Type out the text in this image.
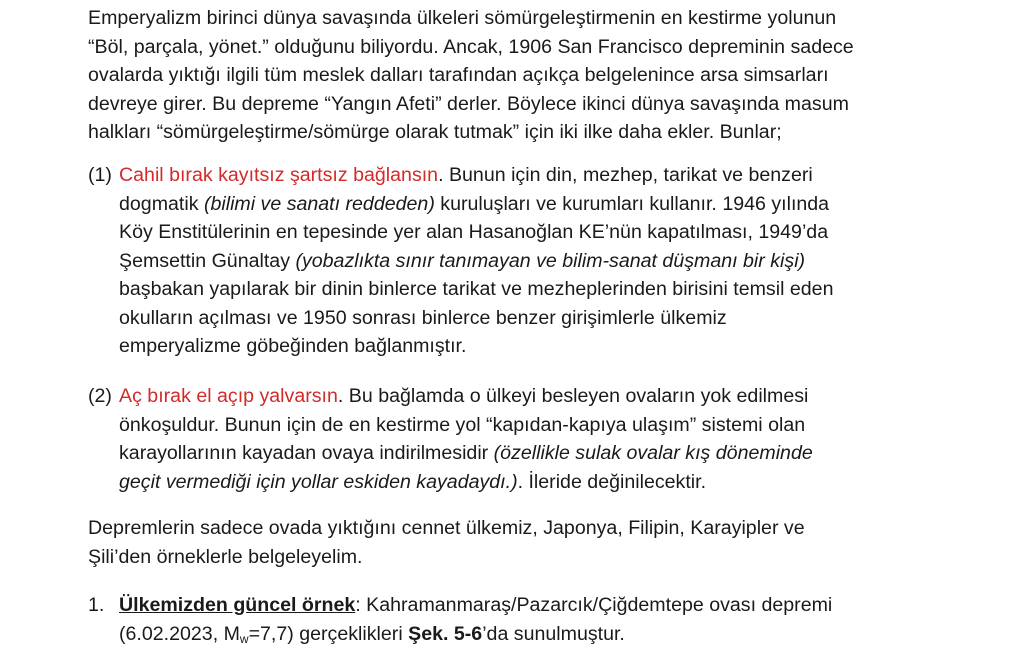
Emperyalizm birinci dünya savaşında ülkeleri sömürgeleştirmenin en kestirme yolunun
“Böl, parçala, yönet.” olduğunu biliyordu. Ancak, 1906 San Francisco depreminin sadece
ovalarda yıktığı ilgili tüm meslek dalları tarafından açıkça belgelenince arsa simsarları
devreye girer. Bu depreme “Yangın Afeti” derler. Böylece ikinci dünya savaşında masum
halkları “sömürgeleştirme/sömürge olarak tutmak” için iki ilke daha ekler. Bunlar;
(1) Cahil bırak kayıtsız şartsız bağlansın. Bunun için din, mezhep, tarikat ve benzeri
dogmatik (bilimi ve sanatı reddeden) kuruluşları ve kurumları kullanır. 1946 yılında
Köy Enstitülerinin en tepesinde yer alan Hasanoğlan KE’nün kapatılması, 1949’da
Şemsettin Günaltay (yobazlıkta sınır tanımayan ve bilim-sanat düşmanı bir kişi)
başbakan yapılarak bir dinin binlerce tarikat ve mezheplerinden birisini temsil eden
okulların açılması ve 1950 sonrası binlerce benzer girişimlerle ülkemiz
emperyalizme göbeğinden bağlanmıştır.
(2) Aç bırak el açıp yalvarsın. Bu bağlamda o ülkeyi besleyen ovaların yok edilmesi
önkoşuldur. Bunun için de en kestirme yol “kapıdan-kapıya ulaşım” sistemi olan
karayollarının kayadan ovaya indirilmesidir (özellikle sulak ovalar kış döneminde
geçit vermediği için yollar eskiden kayadaydı.). İleride değinilecektir.
Depremlerin sadece ovada yıktığını cennet ülkemiz, Japonya, Filipin, Karayipler ve
Şili’den örneklerle belgeleyelim.
1. Ülkemizden güncel örnek: Kahramanmaraş/Pazarcık/Çiğdemtepe ovası depremi
(6.02.2023, $M_w=7,7$) gerçeklikleri Şek. 5-6’da sunulmuştur.
